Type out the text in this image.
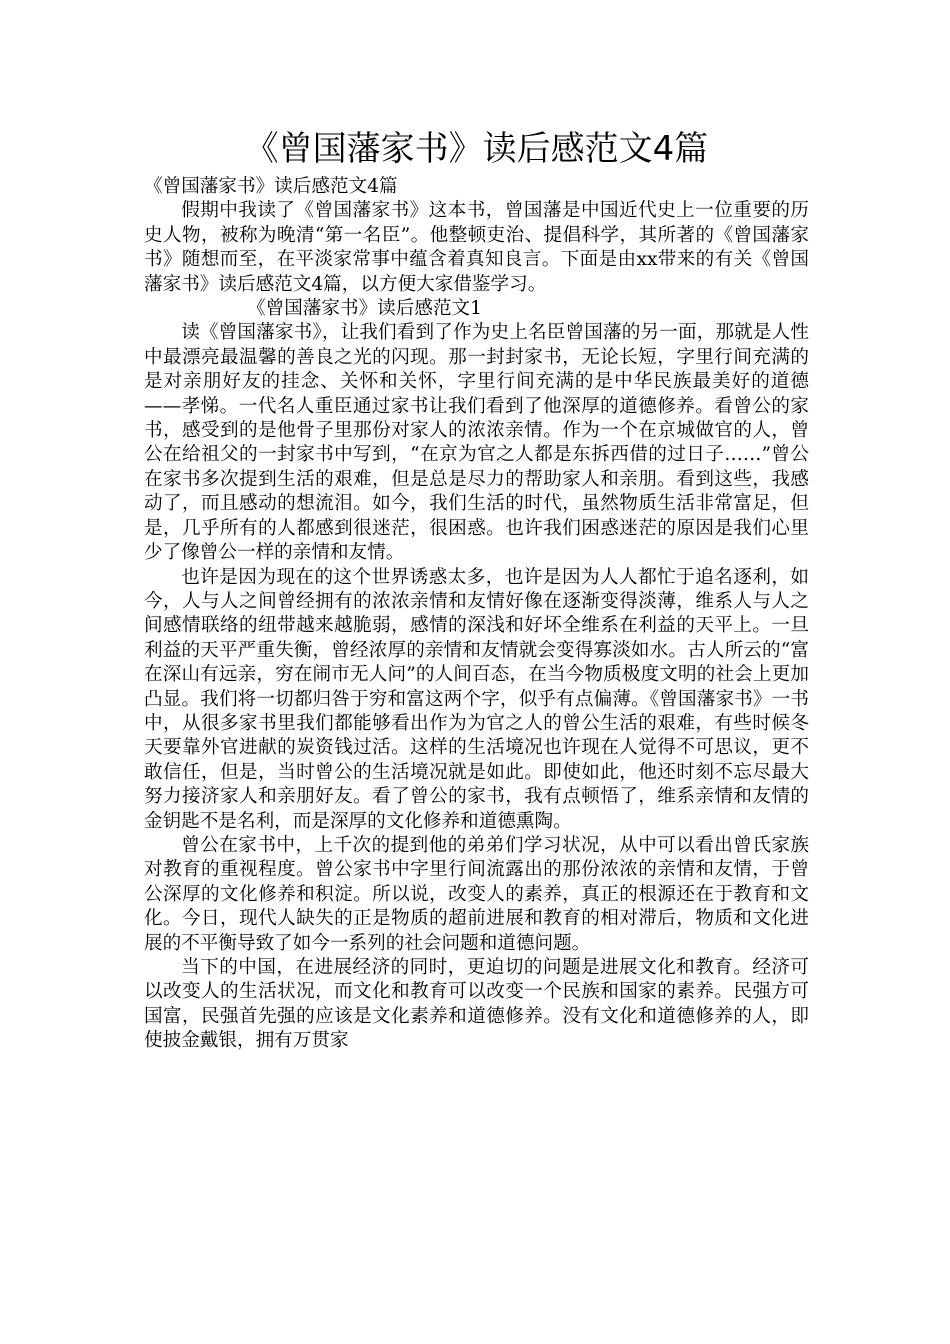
《曾国藩家书》读后感范文4篇

《曾国藩家书》读后感范文4篇

假期中我读了《曾国藩家书》这本书，曾国藩是中国近代史上一位重要的历史人物，被称为晚清“第一名臣”。他整顿吏治、提倡科学，其所著的《曾国藩家书》随想而至，在平淡家常事中蕴含着真知良言。下面是由xx带来的有关《曾国藩家书》读后感范文4篇，以方便大家借鉴学习。

《曾国藩家书》读后感范文1

读《曾国藩家书》，让我们看到了作为史上名臣曾国藩的另一面，那就是人性中最漂亮最温馨的善良之光的闪现。那一封封家书，无论长短，字里行间充满的是对亲朋好友的挂念、关怀和关怀，字里行间充满的是中华民族最美好的道德——孝悌。一代名人重臣通过家书让我们看到了他深厚的道德修养。看曾公的家书，感受到的是他骨子里那份对家人的浓浓亲情。作为一个在京城做官的人，曾公在给祖父的一封家书中写到，“在京为官之人都是东拆西借的过日子……”曾公在家书多次提到生活的艰难，但是总是尽力的帮助家人和亲朋。看到这些，我感动了，而且感动的想流泪。如今，我们生活的时代，虽然物质生活非常富足，但是，几乎所有的人都感到很迷茫，很困惑。也许我们困惑迷茫的原因是我们心里少了像曾公一样的亲情和友情。

也许是因为现在的这个世界诱惑太多，也许是因为人人都忙于追名逐利，如今，人与人之间曾经拥有的浓浓亲情和友情好像在逐渐变得淡薄，维系人与人之间感情联络的纽带越来越脆弱，感情的深浅和好坏全维系在利益的天平上。一旦利益的天平严重失衡，曾经浓厚的亲情和友情就会变得寡淡如水。古人所云的“富在深山有远亲，穷在闹市无人问”的人间百态，在当今物质极度文明的社会上更加凸显。我们将一切都归咎于穷和富这两个字，似乎有点偏薄。《曾国藩家书》一书中，从很多家书里我们都能够看出作为为官之人的曾公生活的艰难，有些时候冬天要靠外官进献的炭资钱过活。这样的生活境况也许现在人觉得不可思议，更不敢信任，但是，当时曾公的生活境况就是如此。即使如此，他还时刻不忘尽最大努力接济家人和亲朋好友。看了曾公的家书，我有点顿悟了，维系亲情和友情的金钥匙不是名利，而是深厚的文化修养和道德熏陶。

曾公在家书中，上千次的提到他的弟弟们学习状况，从中可以看出曾氏家族对教育的重视程度。曾公家书中字里行间流露出的那份浓浓的亲情和友情，于曾公深厚的文化修养和积淀。所以说，改变人的素养，真正的根源还在于教育和文化。今日，现代人缺失的正是物质的超前进展和教育的相对滞后，物质和文化进展的不平衡导致了如今一系列的社会问题和道德问题。

当下的中国，在进展经济的同时，更迫切的问题是进展文化和教育。经济可以改变人的生活状况，而文化和教育可以改变一个民族和国家的素养。民强方可国富，民强首先强的应该是文化素养和道德修养。没有文化和道德修养的人，即使披金戴银，拥有万贯家
